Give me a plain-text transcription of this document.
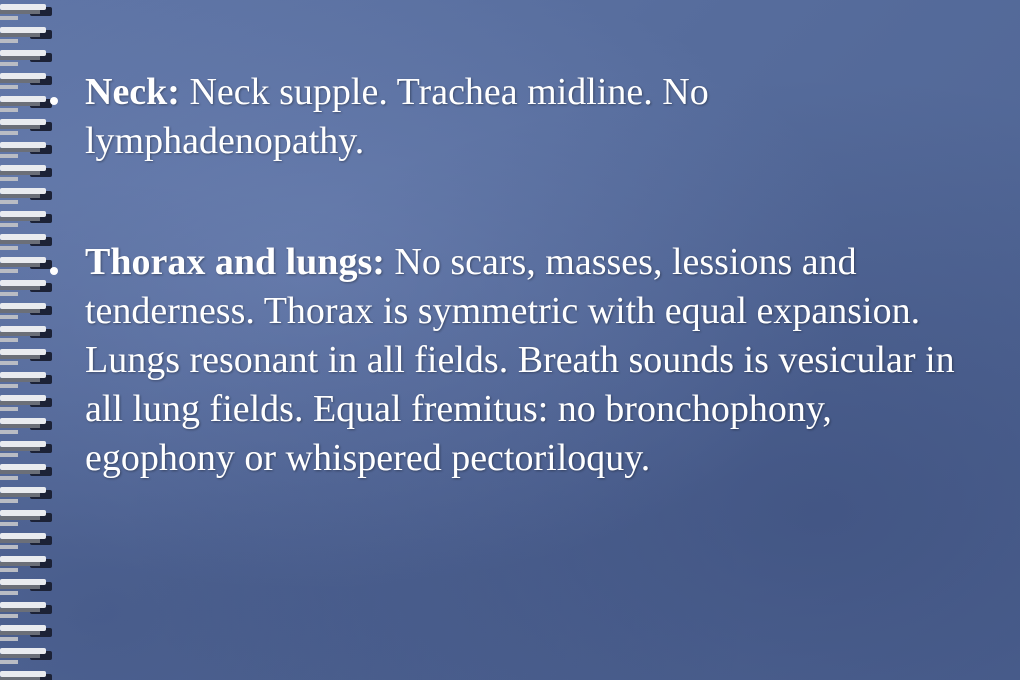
Neck: Neck supple. Trachea midline. No lymphadenopathy.

Thorax and lungs: No scars, masses, lessions and tenderness. Thorax is symmetric with equal expansion. Lungs resonant in all fields. Breath sounds is vesicular in all lung fields. Equal fremitus: no bronchophony, egophony or whispered pectoriloquy.
